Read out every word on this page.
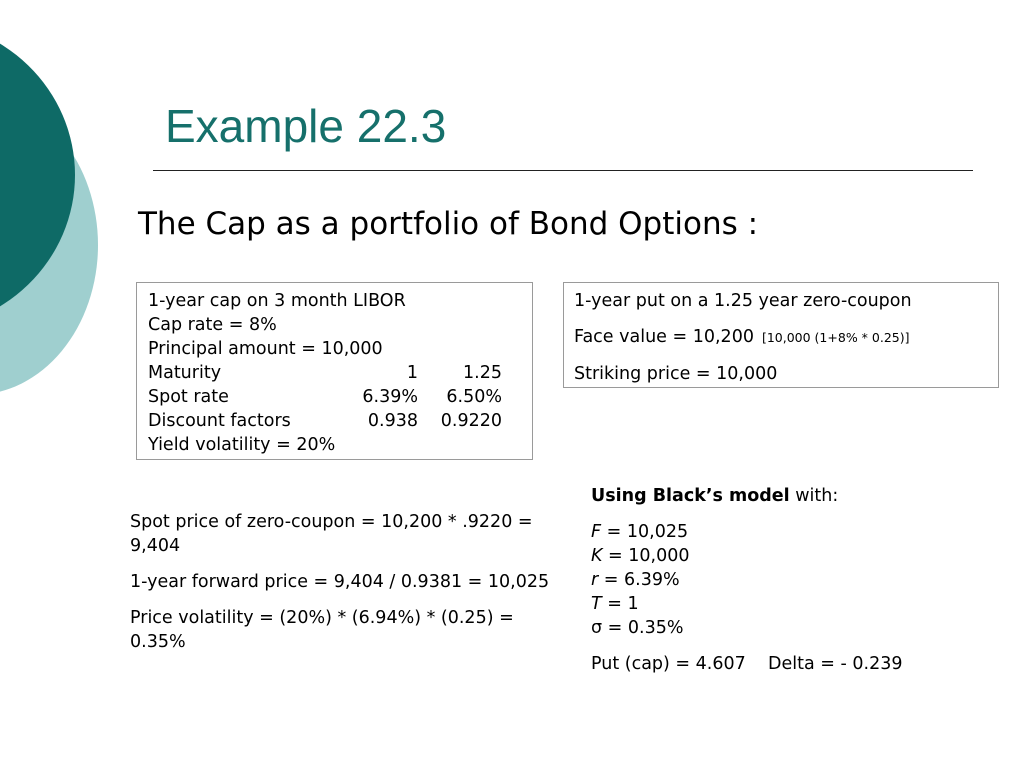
Example 22.3
The Cap as a portfolio of Bond Options :
1-year cap on 3 month LIBOR
Cap rate = 8%
Principal amount = 10,000
Maturity	1	1.25
Spot rate	6.39% 6.50%
Discount factors	0.938 0.9220
Yield volatility = 20%

1-year put on a 1.25 year zero-coupon

Face value = 10,200 [10,000 (1+8% * 0.25)]

Striking price = 10,000

Spot price of zero-coupon = 10,200 * .9220 = 9,404

1-year forward price = 9,404 / 0.9381 = 10,025

Price volatility = (20%) * (6.94%) * (0.25) = 0.35%

Using Black’s model with:

F = 10,025

K = 10,000

r = 6.39%

T = 1

σ = 0.35%

Put (cap) = 4.607 Delta = - 0.239
